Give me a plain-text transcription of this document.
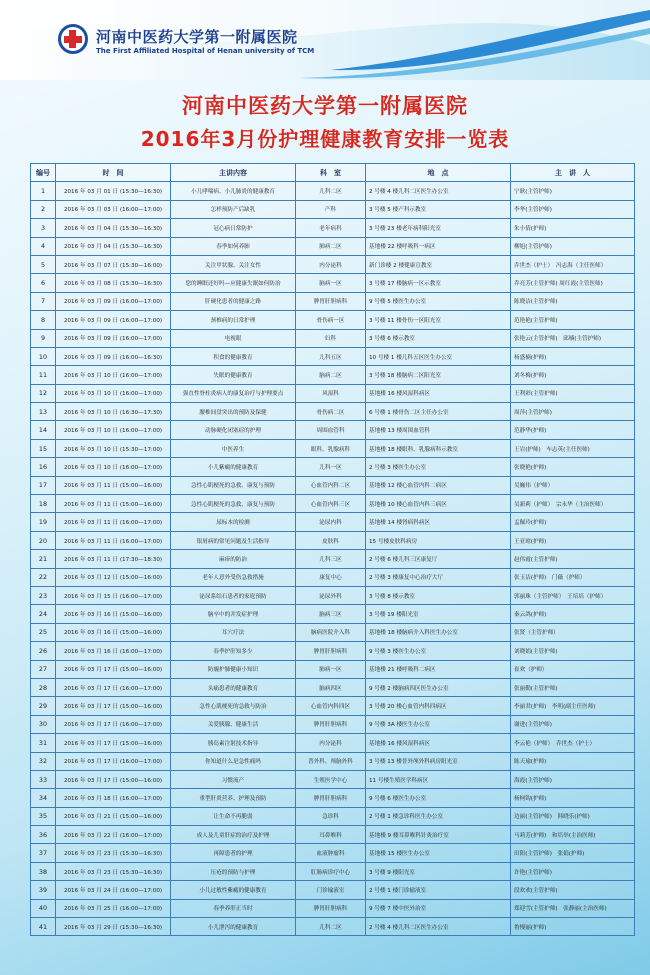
河南中医药大学第一附属医院
The First Affiliated Hospital of Henan university of TCM
河南中医药大学第一附属医院
2016年3月份护理健康教育安排一览表
编号	时　间	主讲内容	科　室	地　点	主　讲　人
1	2016 年 03 月 01 日 (15:30—16:30)	小儿哮喘病、小儿肺炎的健康教育	儿科二区	2 号楼 4 楼儿科二区医生办公室	宁耿(主管护师)
2	2016 年 03 月 03 日 (16:00—17:00)	怎样预防产后缺乳	产科	3 号楼 5 楼产科示教室	李华(主管护师)
3	2016 年 03 月 04 日 (15:30—16:30)	冠心病日常防护	老年病科	3 号楼 23 楼老年病科阳光室	朱小倩(护师)
4	2016 年 03 月 04 日 (15:30—16:30)	春季如何养肺	肺病二区	基地楼 22 楼呼吸科一病区	柳旭(主管护师)
5	2016 年 03 月 07 日 (15:30—16:00)	关注甲状腺、关注女性	内分泌科	新门诊楼 2 楼健康宣教室	乔世杰（护士）　冯志海（主任医师）
6	2016 年 03 月 08 日 (15:30—16:30)	您的睡眠还好吗—应健康失眠如何防治	脑病一区	3 号楼 17 楼脑病一区示教室	乔亮芳(主管护师) 周红霞(主管医师)
7	2016 年 03 月 09 日 (16:00—17:00)	肝硬化患者的健康之路	脾胃肝胆病科	9 号楼 5 楼医生办公室	陈晓洁(主管护师)
8	2016 年 03 月 09 日 (16:00—17:00)	颈椎病的日常护理	骨伤病一区	3 号楼 11 楼骨伤一区阳光室	范艳艳(主管护师)
9	2016 年 03 月 09 日 (16:00—17:00)	电视眼	妇科	3 号楼 6 楼示教室	张艳云(主管护师)　邱楠(主管护师)
10	2016 年 03 月 09 日 (16:00—16:30)	积食的健康教育	儿科五区	10 号楼 1 楼儿科五区医生办公室	杨盛楠(护师)
11	2016 年 03 月 10 日 (16:00—17:00)	失眠的健康教育	脑病二区	3 号楼 18 楼脑病二区阳光室	刘冬梅(护师)
12	2016 年 03 月 10 日 (16:00—17:00)	强直性脊柱炎病人的康复治疗与护理要点	风湿科	基地楼 16 楼风湿科病区	王利彩(主管护师)
13	2016 年 03 月 10 日 (16:30—17:30)	腰椎间盘突出的预防及保健	骨伤病二区	6 号楼 1 楼骨伤二区主任办公室	周萍(主管护师)
14	2016 年 03 月 10 日 (16:00—17:00)	动脉硬化闭塞症的护理	周围血管科	基地楼 13 楼周围血管科	范静华(护师)
15	2016 年 03 月 10 日 (15:30—17:00)	中医养生	眼科、乳腺病科	基地楼 18 楼眼科、乳腺病科示教室	王岩(护师)　车志英(主任医师)
16	2016 年 03 月 10 日 (16:00—17:00)	小儿紫癜的健康教育	儿科一区	2 号楼 3 楼医生办公室	张晓艳(护师)
17	2016 年 03 月 11 日 (15:00—16:00)	急性心肌梗死的急救、康复与预防	心血管内科二区	基地楼 12 楼心血管内科二病区	吴巍伟（护师）
18	2016 年 03 月 11 日 (15:00—16:00)	急性心肌梗死的急救、康复与预防	心血管内科三区	基地楼 10 楼心血管内科三病区	吴新莉（护师）　宗永华（主治医师）
19	2016 年 03 月 11 日 (16:00—17:00)	尿标本的检测	泌尿内科	基地楼 14 楼肾病科病区	孟佩玲(护师)
20	2016 年 03 月 11 日 (16:00—17:00)	银屑病的常见问题及生活指导	皮肤科	15 号楼皮肤科病房	王亚琼(护师)
21	2016 年 03 月 11 日 (17:30—18:30)	麻疹的防治	儿科三区	2 号楼 6 楼儿科三区康复厅	赵伟霞(主管护师)
22	2016 年 03 月 12 日 (15:00—16:00)	老年人意外受伤急救措施	康复中心	2 号楼 3 楼康复中心治疗大厅	张玉洁(护师)　门薇（护师）
23	2016 年 03 月 15 日 (16:00—17:00)	泌尿系结石患者的家庭预防	泌尿外科	3 号楼 8 楼示教室	郭丽珠（主管护师）　王培培（护师）
24	2016 年 03 月 16 日 (15:00—16:00)	脑卒中的并发症护理	脑病三区	3 号楼 19 楼阳光室	秦云鸽(护师)
25	2016 年 03 月 16 日 (15:00—16:00)	耳穴疗法	脑病医院介入科	基地楼 18 楼脑病介入科医生办公室	张贤（主管护师）
26	2016 年 03 月 16 日 (16:00—17:00)	春季护肝知多少	脾胃肝胆病科	9 号楼 3 楼医生办公室	刘晓娟(主管护师)
27	2016 年 03 月 17 日 (15:00—16:00)	防霾护肺健康小知识	肺病一区	基地楼 21 楼呼吸科二病区	崔欢（护师）
28	2016 年 03 月 17 日 (16:00—17:00)	头痛患者的健康教育	脑病四区	9 号楼 2 楼脑病四区医生办公室	张丽勤(主管护师)
29	2016 年 03 月 17 日 (15:00—16:00)	急性心肌梗死的急救与防治	心血管内科四区	3 号楼 20 楼心血管内科四病区	李丽君(护师)　李明(副主任医师)
30	2016 年 03 月 17 日 (16:00—17:00)	关爱胰腺、健康生活	脾胃肝胆病科	9 号楼 3A 楼医生办公室	谢进(主管护师)
31	2016 年 03 月 17 日 (15:00—16:00)	胰岛素注射技术指导	内分泌科	基地楼 16 楼风湿科病区	李云艳（护师）　乔世杰（护士）
32	2016 年 03 月 17 日 (16:00—17:00)	你知道什么是急性痛吗	普外科、颅脑外科	3 号楼 13 楼普外颅外科病房阳光室	陈天瑜(护师)
33	2016 年 03 月 17 日 (15:00—16:00)	习惯流产	生殖医学中心	11 号楼生殖医学科病区	海霞(主管护师)
34	2016 年 03 月 18 日 (16:00—17:00)	重型肝炎营养、护理及预防	脾胃肝胆病科	9 号楼 6 楼医生办公室	杨柯钩(护师)
35	2016 年 03 月 21 日 (15:00—16:00)	让生命不再脆弱	急诊科	2 号楼 1 楼急诊科医生办公室	边丽(主管护师)　韩晓乐(护师)
36	2016 年 03 月 22 日 (16:00—17:00)	成人及儿童肝症的治疗及护理	耳鼻喉科	基地楼 9 楼耳鼻喉科针灸治疗室	马莉芳(护师)　和培举(主治医师)
37	2016 年 03 月 23 日 (15:30—16:30)	再障患者的护理	血液肿瘤科	基地楼 15 楼医生办公室	田阳(主管护师)　张娟(护师)
38	2016 年 03 月 23 日 (15:30—16:30)	压疮的预防与护理	肛肠病诊疗中心	3 号楼 9 楼阳光室	许艳(主管护师)
39	2016 年 03 月 24 日 (16:00—17:00)	小儿过敏性紫癜的健康教育	门诊输液室	2 号楼 1 楼门诊输液室	段欢欢(主管护师)
40	2016 年 03 月 25 日 (16:00—17:00)	春季养肝正当时	脾胃肝胆病科	9 号楼 7 楼中医外治室	郑迎雪(主管护师)　张静丽(主治医师)
41	2016 年 03 月 29 日 (15:30—16:30)	小儿泄泻的健康教育	儿科二区	2 号楼 4 楼儿科二区医生办公室	鲁慢丽(护师)
